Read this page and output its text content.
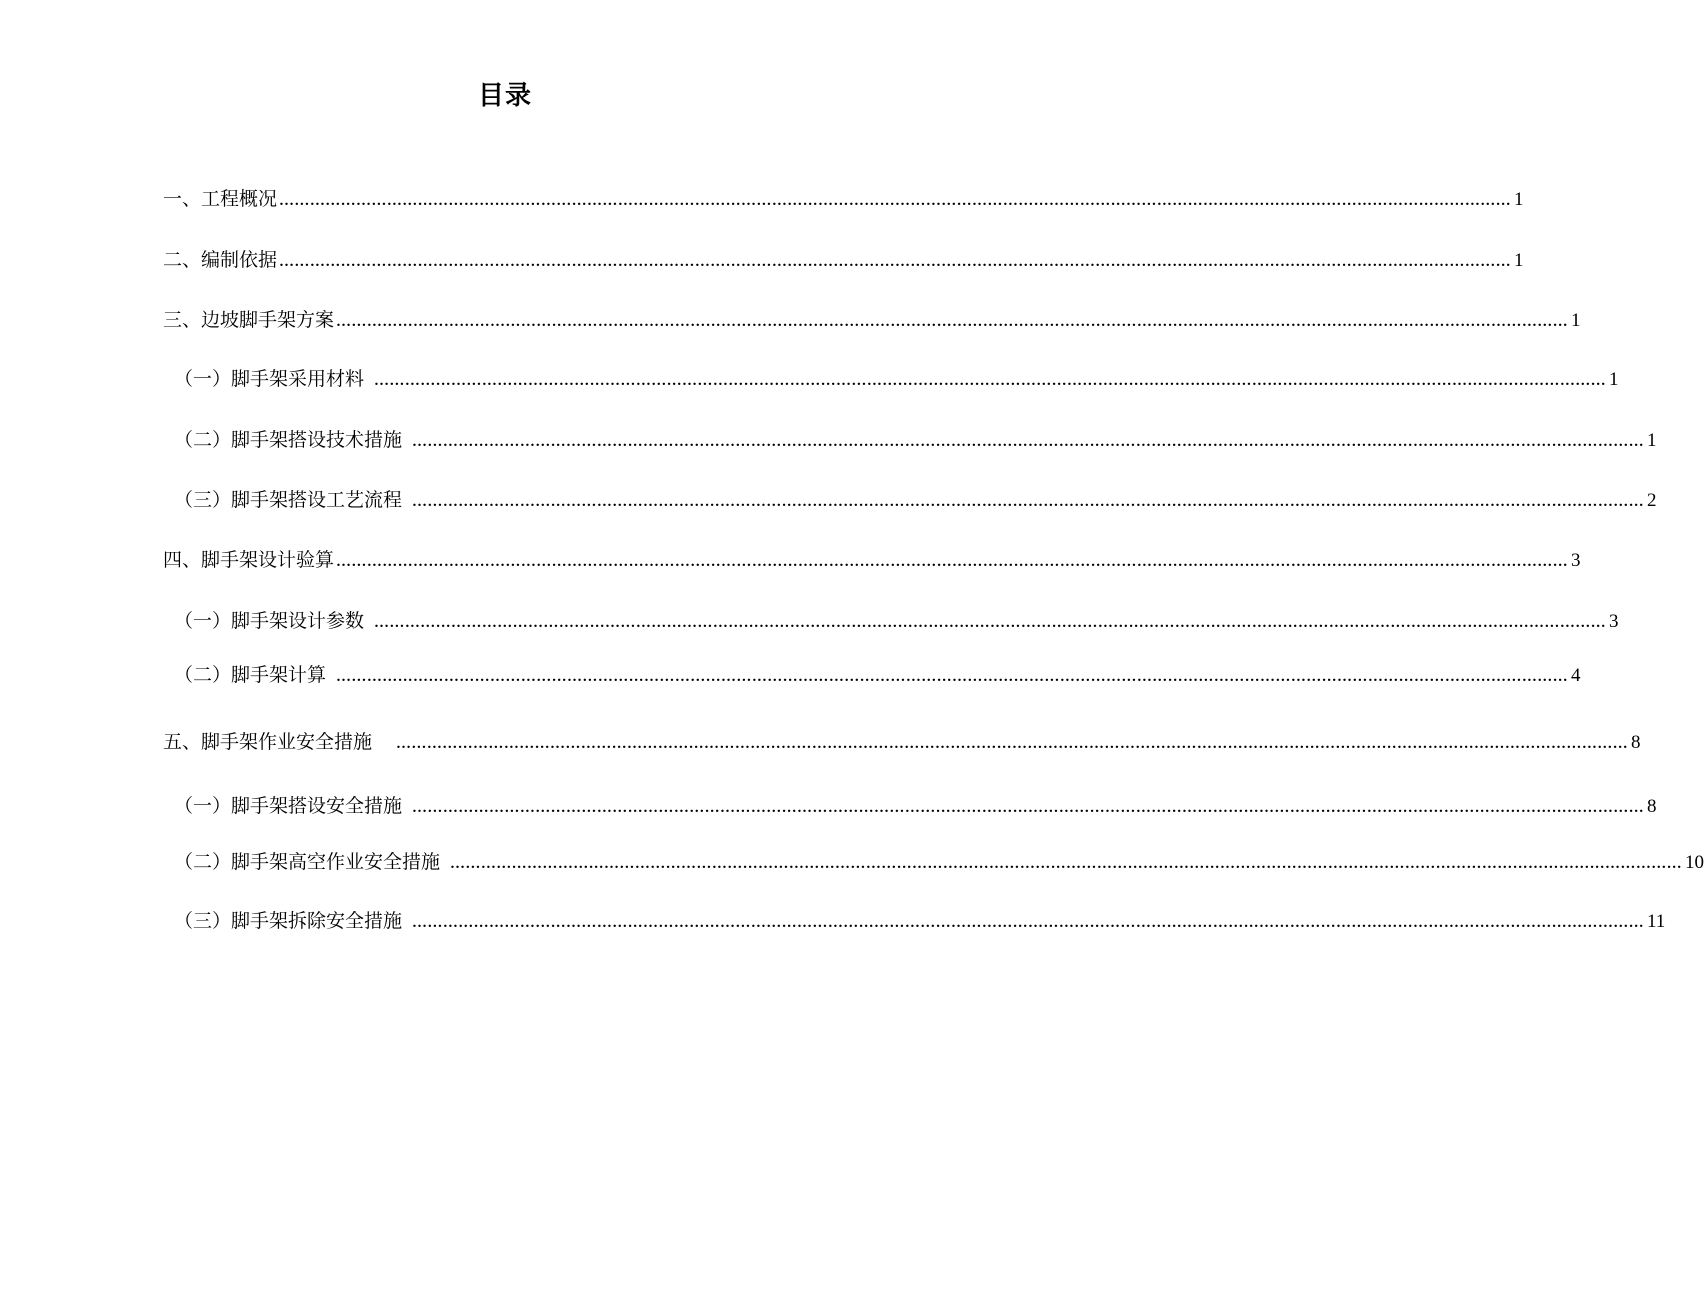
目录
一、工程概况 …………………………………………………………………………………………………………………………………………………………………………………………………………………… 1
二、编制依据 …………………………………………………………………………………………………………………………………………………………………………………………………………………… 1
三、边坡脚手架方案 …………………………………………………………………………………………………………………………………………………………………………………………………………………… 1
（一）脚手架采用材料 …………………………………………………………………………………………………………………………………………………………………………………………………………………… 1
（二）脚手架搭设技术措施 …………………………………………………………………………………………………………………………………………………………………………………………………………………… 1
（三）脚手架搭设工艺流程 …………………………………………………………………………………………………………………………………………………………………………………………………………………… 2
四、脚手架设计验算 …………………………………………………………………………………………………………………………………………………………………………………………………………………… 3
（一）脚手架设计参数 …………………………………………………………………………………………………………………………………………………………………………………………………………………… 3
（二）脚手架计算 …………………………………………………………………………………………………………………………………………………………………………………………………………………… 4
五、脚手架作业安全措施 …………………………………………………………………………………………………………………………………………………………………………………………………………………… 8
（一）脚手架搭设安全措施 …………………………………………………………………………………………………………………………………………………………………………………………………………………… 8
（二）脚手架高空作业安全措施 …………………………………………………………………………………………………………………………………………………………………………………………………………………… 10
（三）脚手架拆除安全措施 …………………………………………………………………………………………………………………………………………………………………………………………………………………… 11
